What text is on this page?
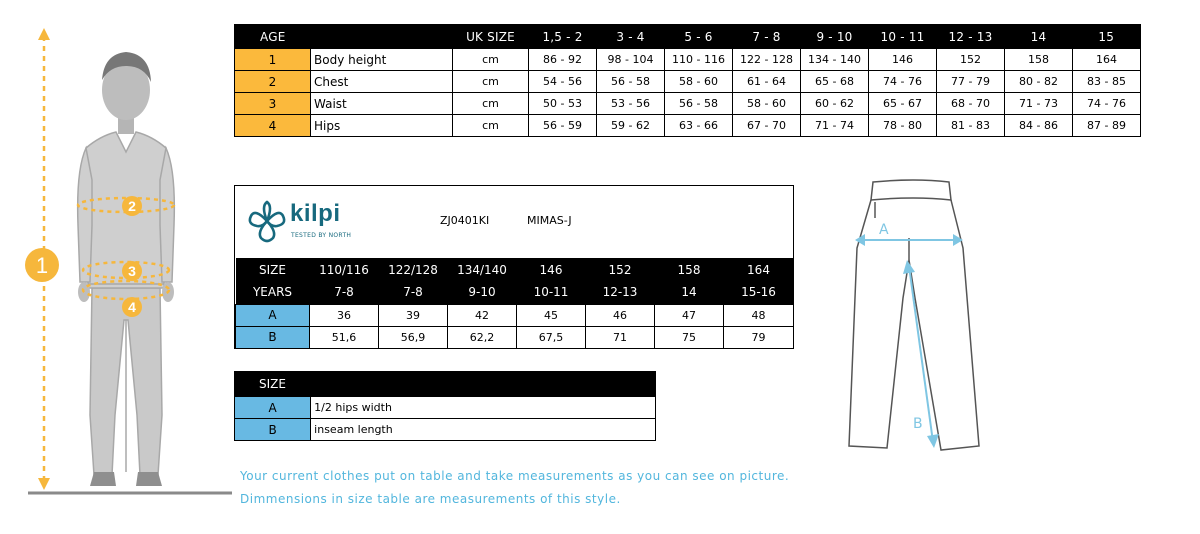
1
2
3
4
AGE		UK SIZE	1,5 - 2	3 - 4	5 - 6	7 - 8	9 - 10	10 - 11	12 - 13	14	15
1	Body height	cm	86 - 92	98 - 104	110 - 116	122 - 128	134 - 140	146	152	158	164
2	Chest	cm	54 - 56	56 - 58	58 - 60	61 - 64	65 - 68	74 - 76	77 - 79	80 - 82	83 - 85
3	Waist	cm	50 - 53	53 - 56	56 - 58	58 - 60	60 - 62	65 - 67	68 - 70	71 - 73	74 - 76
4	Hips	cm	56 - 59	59 - 62	63 - 66	67 - 70	71 - 74	78 - 80	81 - 83	84 - 86	87 - 89
kilpi
TESTED BY NORTH
ZJ0401KI	MIMAS-J
SIZE	110/116	122/128	134/140	146	152	158	164
YEARS	7-8	7-8	9-10	10-11	12-13	14	15-16
A	36	39	42	45	46	47	48
B	51,6	56,9	62,2	67,5	71	75	79
SIZE	
A	1/2 hips width
B	inseam length
A
B
Your current clothes put on table and take measurements as you can see on picture.
Dimmensions in size table are measurements of this style.
